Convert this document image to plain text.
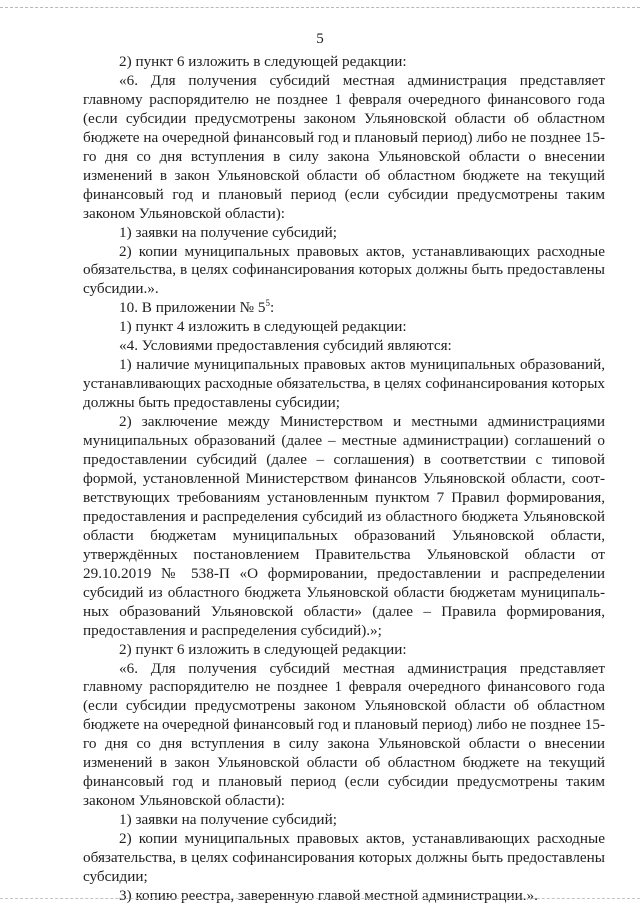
5

2) пункт 6 изложить в следующей редакции:

«6. Для получения субсидий местная администрация представляет главному распорядителю не позднее 1 февраля очередного финансового года (если субсидии предусмотрены законом Ульяновской области об областном бюджете на очередной финансовый год и плановый период) либо не позднее 15-го дня со дня вступления в силу закона Ульяновской области о внесении изменений в закон Ульяновской области об областном бюджете на текущий финансовый год и плановый период (если субсидии предусмотрены таким законом Ульяновской области):

1) заявки на получение субсидий;

2) копии муниципальных правовых актов, устанавливающих расходные обязательства, в целях софинансирования которых должны быть предоставлены субсидии.».

10. В приложении № $5^5$:

1) пункт 4 изложить в следующей редакции:

«4. Условиями предоставления субсидий являются:

1) наличие муниципальных правовых актов муниципальных образований, устанавливающих расходные обязательства, в целях софинансирования которых должны быть предоставлены субсидии;

2) заключение между Министерством и местными администрациями муниципальных образований (далее – местные администрации) соглашений о предоставлении субсидий (далее – соглашения) в соответствии с типовой формой, установленной Министерством финансов Ульяновской области, соответствующих требованиям установленным пунктом 7 Правил формирования, предоставления и распределения субсидий из областного бюджета Ульяновской области бюджетам муниципальных образований Ульяновской области, утверждённых постановлением Правительства Ульяновской области от 29.10.2019 № 538-П «О формировании, предоставлении и распределении субсидий из областного бюджета Ульяновской области бюджетам муниципальных образований Ульяновской области» (далее – Правила формирования, предоставления и распределения субсидий).»;

2) пункт 6 изложить в следующей редакции:

«6. Для получения субсидий местная администрация представляет главному распорядителю не позднее 1 февраля очередного финансового года (если субсидии предусмотрены законом Ульяновской области об областном бюджете на очередной финансовый год и плановый период) либо не позднее 15-го дня со дня вступления в силу закона Ульяновской области о внесении изменений в закон Ульяновской области об областном бюджете на текущий финансовый год и плановый период (если субсидии предусмотрены таким законом Ульяновской области):

1) заявки на получение субсидий;

2) копии муниципальных правовых актов, устанавливающих расходные обязательства, в целях софинансирования которых должны быть предоставлены субсидии;

3) копию реестра, заверенную главой местной администрации.».
